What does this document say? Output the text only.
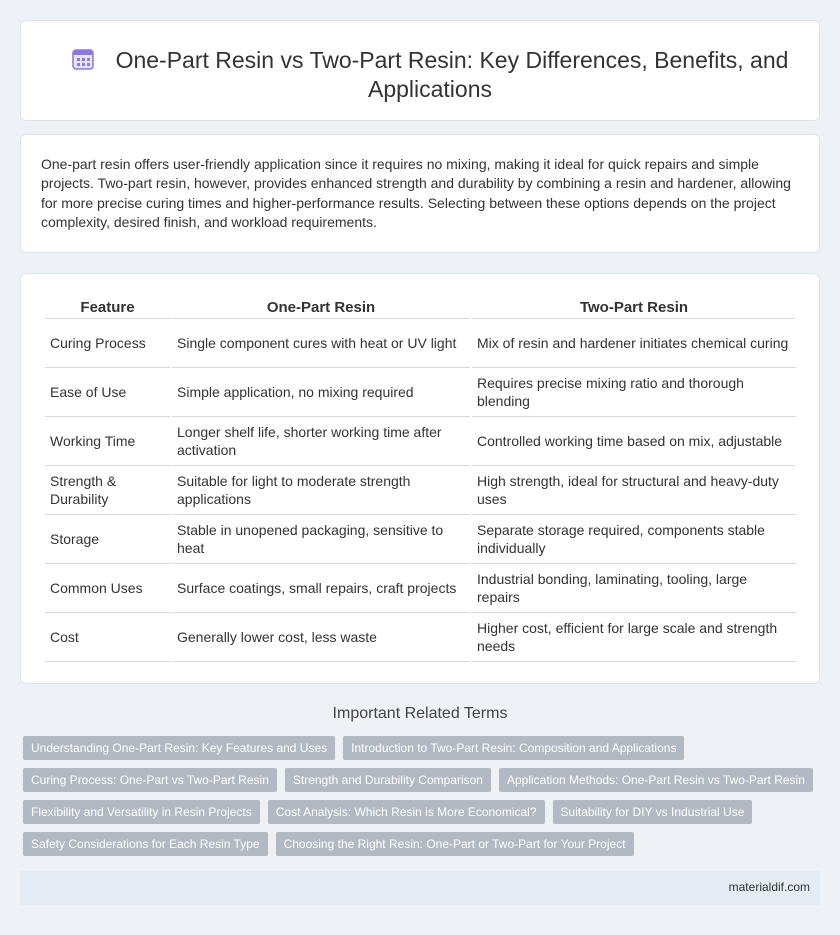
One-Part Resin vs Two-Part Resin: Key Differences, Benefits, and Applications

One-part resin offers user-friendly application since it requires no mixing, making it ideal for quick repairs and simple projects. Two-part resin, however, provides enhanced strength and durability by combining a resin and hardener, allowing for more precise curing times and higher-performance results. Selecting between these options depends on the project complexity, desired finish, and workload requirements.

Feature	One-Part Resin	Two-Part Resin
Curing Process	Single component cures with heat or UV light	Mix of resin and hardener initiates chemical curing
Ease of Use	Simple application, no mixing required	Requires precise mixing ratio and thorough blending
Working Time	Longer shelf life, shorter working time after activation	Controlled working time based on mix, adjustable
Strength & Durability	Suitable for light to moderate strength applications	High strength, ideal for structural and heavy-duty uses
Storage	Stable in unopened packaging, sensitive to heat	Separate storage required, components stable individually
Common Uses	Surface coatings, small repairs, craft projects	Industrial bonding, laminating, tooling, large repairs
Cost	Generally lower cost, less waste	Higher cost, efficient for large scale and strength needs
Important Related Terms
Understanding One-Part Resin: Key Features and Uses	Introduction to Two-Part Resin: Composition and Applications
Curing Process: One-Part vs Two-Part Resin	Strength and Durability Comparison	Application Methods: One-Part Resin vs Two-Part Resin
Flexibility and Versatility in Resin Projects	Cost Analysis: Which Resin is More Economical?	Suitability for DIY vs Industrial Use
Safety Considerations for Each Resin Type	Choosing the Right Resin: One-Part or Two-Part for Your Project
materialdif.com
